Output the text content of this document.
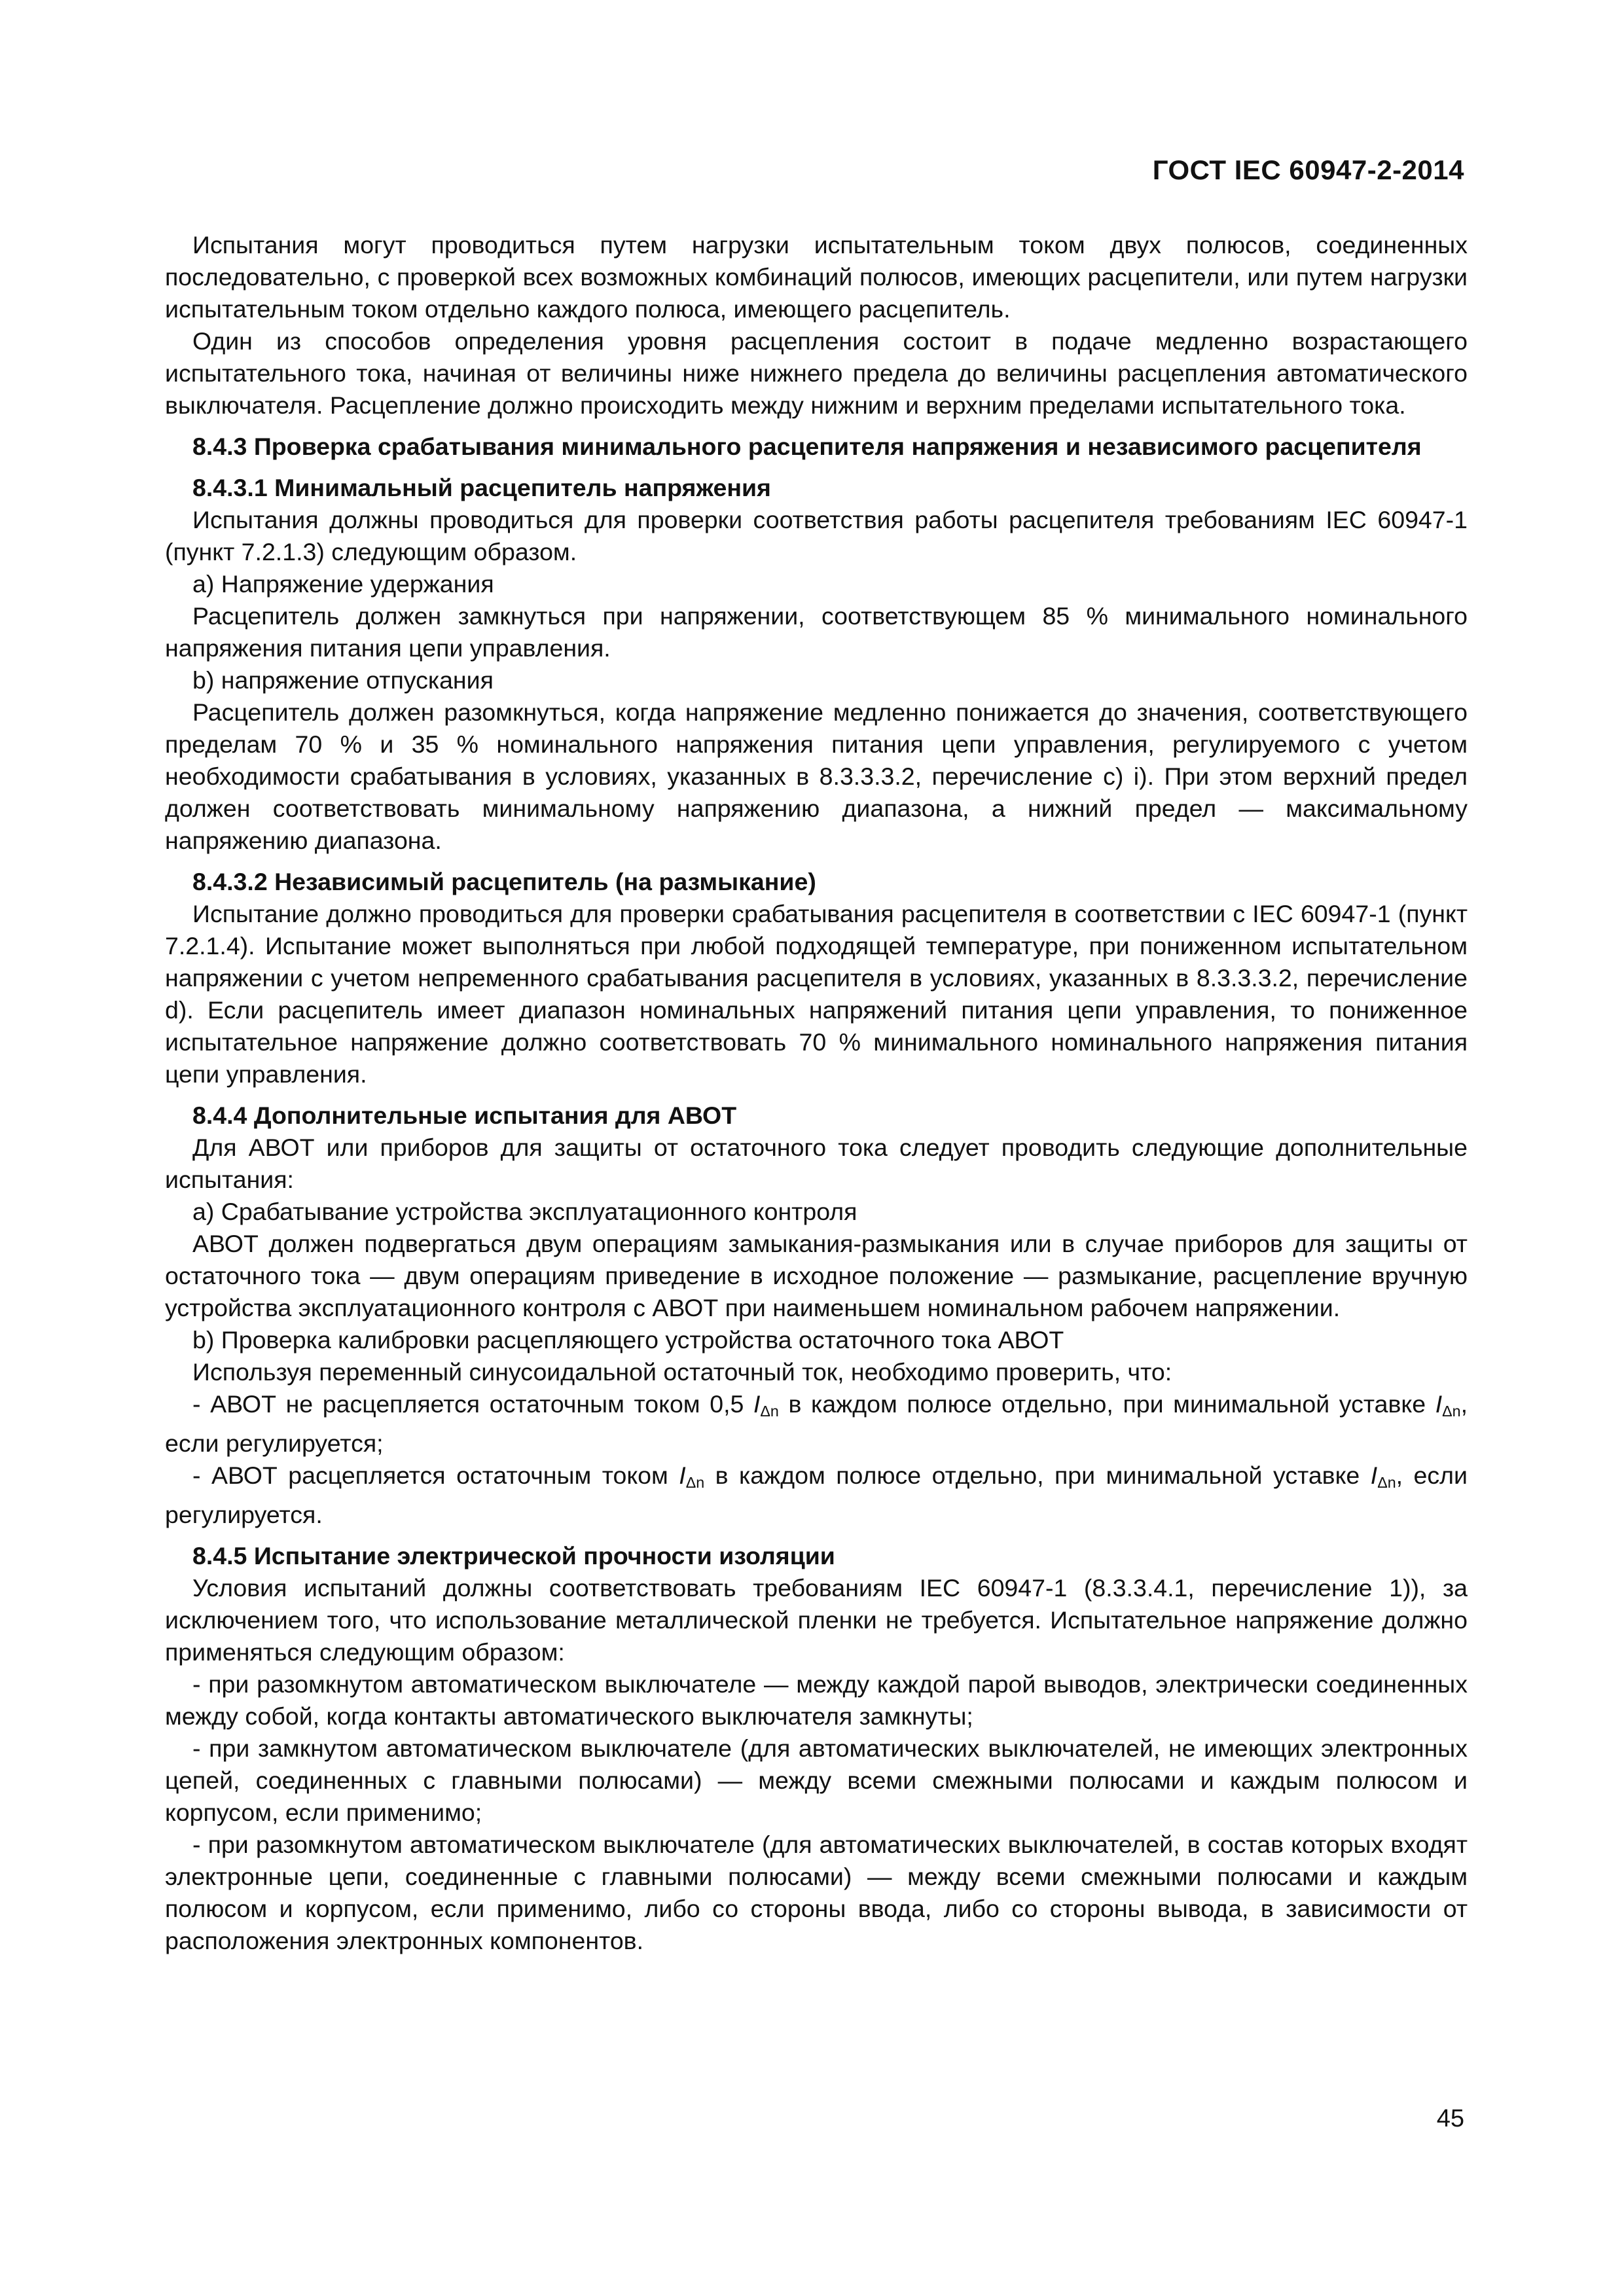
ГОСТ IEC 60947-2-2014

Испытания могут проводиться путем нагрузки испытательным током двух полюсов, соединенных последовательно, с проверкой всех возможных комбинаций полюсов, имеющих расцепители, или путем нагрузки испытательным током отдельно каждого полюса, имеющего расцепитель.

Один из способов определения уровня расцепления состоит в подаче медленно возрастающего испытательного тока, начиная от величины ниже нижнего предела до величины расцепления автоматического выключателя. Расцепление должно происходить между нижним и верхним пределами испытательного тока.

8.4.3 Проверка срабатывания минимального расцепителя напряжения и независимого расцепителя

8.4.3.1 Минимальный расцепитель напряжения

Испытания должны проводиться для проверки соответствия работы расцепителя требованиям IEC 60947-1 (пункт 7.2.1.3) следующим образом.

а) Напряжение удержания

Расцепитель должен замкнуться при напряжении, соответствующем 85 % минимального номинального напряжения питания цепи управления.

b) напряжение отпускания

Расцепитель должен разомкнуться, когда напряжение медленно понижается до значения, соответствующего пределам 70 % и 35 % номинального напряжения питания цепи управления, регулируемого с учетом необходимости срабатывания в условиях, указанных в 8.3.3.3.2, перечисление с) i). При этом верхний предел должен соответствовать минимальному напряжению диапазона, а нижний предел — максимальному напряжению диапазона.

8.4.3.2 Независимый расцепитель (на размыкание)

Испытание должно проводиться для проверки срабатывания расцепителя в соответствии с IEC 60947-1 (пункт 7.2.1.4). Испытание может выполняться при любой подходящей температуре, при пониженном испытательном напряжении с учетом непременного срабатывания расцепителя в условиях, указанных в 8.3.3.3.2, перечисление d). Если расцепитель имеет диапазон номинальных напряжений питания цепи управления, то пониженное испытательное напряжение должно соответствовать 70 % минимального номинального напряжения питания цепи управления.

8.4.4 Дополнительные испытания для АВОТ

Для АВОТ или приборов для защиты от остаточного тока следует проводить следующие дополнительные испытания:

а) Срабатывание устройства эксплуатационного контроля

АВОТ должен подвергаться двум операциям замыкания-размыкания или в случае приборов для защиты от остаточного тока — двум операциям приведение в исходное положение — размыкание, расцепление вручную устройства эксплуатационного контроля с АВОТ при наименьшем номинальном рабочем напряжении.

b) Проверка калибровки расцепляющего устройства остаточного тока АВОТ

Используя переменный синусоидальной остаточный ток, необходимо проверить, что:

- АВОТ не расцепляется остаточным током 0,5 $I_{\Delta n}$ в каждом полюсе отдельно, при минимальной уставке $I_{\Delta n}$, если регулируется;

- АВОТ расцепляется остаточным током $I_{\Delta n}$ в каждом полюсе отдельно, при минимальной уставке $I_{\Delta n}$, если регулируется.

8.4.5 Испытание электрической прочности изоляции

Условия испытаний должны соответствовать требованиям IEC 60947-1 (8.3.3.4.1, перечисление 1)), за исключением того, что использование металлической пленки не требуется. Испытательное напряжение должно применяться следующим образом:

- при разомкнутом автоматическом выключателе — между каждой парой выводов, электрически соединенных между собой, когда контакты автоматического выключателя замкнуты;

- при замкнутом автоматическом выключателе (для автоматических выключателей, не имеющих электронных цепей, соединенных с главными полюсами) — между всеми смежными полюсами и каждым полюсом и корпусом, если применимо;

- при разомкнутом автоматическом выключателе (для автоматических выключателей, в состав которых входят электронные цепи, соединенные с главными полюсами) — между всеми смежными полюсами и каждым полюсом и корпусом, если применимо, либо со стороны ввода, либо со стороны вывода, в зависимости от расположения электронных компонентов.

45
